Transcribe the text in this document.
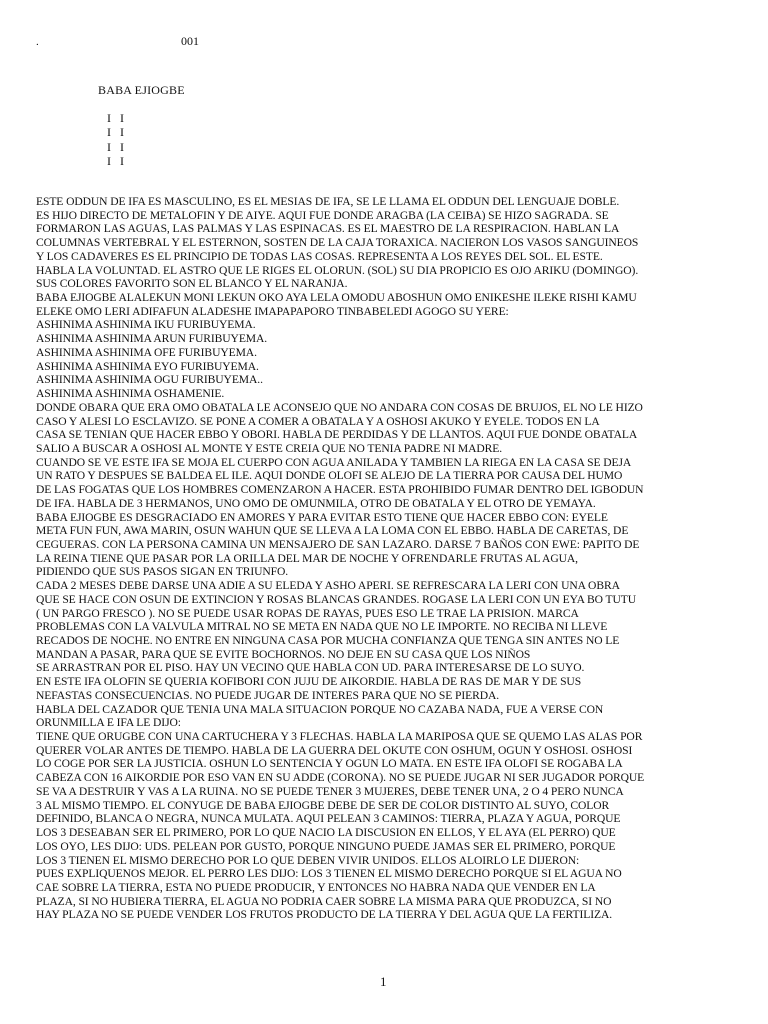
.	001
BABA EJIOGBE
I   I
I   I
I   I
I   I
ESTE ODDUN DE IFA ES MASCULINO, ES EL MESIAS DE IFA, SE LE LLAMA EL ODDUN DEL LENGUAJE DOBLE.
ES HIJO DIRECTO DE METALOFIN Y DE AIYE. AQUI FUE DONDE ARAGBA (LA CEIBA) SE HIZO SAGRADA. SE
FORMARON LAS AGUAS, LAS PALMAS Y LAS ESPINACAS. ES EL MAESTRO DE LA RESPIRACION. HABLAN LA
COLUMNAS VERTEBRAL Y EL ESTERNON, SOSTEN DE LA CAJA TORAXICA. NACIERON LOS VASOS SANGUINEOS
Y LOS CADAVERES ES EL PRINCIPIO DE TODAS LAS COSAS. REPRESENTA A LOS REYES DEL SOL. EL ESTE.
HABLA LA VOLUNTAD. EL ASTRO QUE LE RIGES EL OLORUN. (SOL) SU DIA PROPICIO ES OJO ARIKU (DOMINGO).
SUS COLORES FAVORITO SON EL BLANCO Y EL NARANJA.
BABA EJIOGBE ALALEKUN MONI LEKUN OKO AYA LELA OMODU ABOSHUN OMO ENIKESHE ILEKE RISHI KAMU
ELEKE OMO LERI ADIFAFUN ALADESHE IMAPAPAPORO TINBABELEDI AGOGO SU YERE:
ASHINIMA ASHINIMA IKU FURIBUYEMA.
ASHINIMA ASHINIMA ARUN FURIBUYEMA.
ASHINIMA ASHINIMA OFE FURIBUYEMA.
ASHINIMA ASHINIMA EYO FURIBUYEMA.
ASHINIMA ASHINIMA OGU FURIBUYEMA..
ASHINIMA ASHINIMA OSHAMENIE.
DONDE OBARA QUE ERA OMO OBATALA LE ACONSEJO QUE NO ANDARA CON COSAS DE BRUJOS, EL NO LE HIZO
CASO Y ALESI LO ESCLAVIZO. SE PONE A COMER A OBATALA Y A OSHOSI AKUKO Y EYELE. TODOS EN LA
CASA SE TENIAN QUE HACER EBBO Y OBORI. HABLA DE PERDIDAS Y DE LLANTOS. AQUI FUE DONDE OBATALA
SALIO A BUSCAR A OSHOSI AL MONTE Y ESTE CREIA QUE NO TENIA PADRE NI MADRE.
CUANDO SE VE ESTE IFA SE MOJA EL CUERPO CON AGUA ANILADA Y TAMBIEN LA RIEGA EN LA CASA SE DEJA
UN RATO Y DESPUES SE BALDEA EL ILE. AQUI DONDE OLOFI SE ALEJO DE LA TIERRA POR CAUSA DEL HUMO
DE LAS FOGATAS QUE LOS HOMBRES COMENZARON A HACER. ESTA PROHIBIDO FUMAR DENTRO DEL IGBODUN
DE IFA. HABLA DE 3 HERMANOS, UNO OMO DE OMUNMILA, OTRO DE OBATALA Y EL OTRO DE YEMAYA.
BABA EJIOGBE ES DESGRACIADO EN AMORES Y PARA EVITAR ESTO TIENE QUE HACER EBBO CON: EYELE
META FUN FUN, AWA MARIN, OSUN WAHUN QUE SE LLEVA A LA LOMA CON EL EBBO. HABLA DE CARETAS, DE
CEGUERAS. CON LA PERSONA CAMINA UN MENSAJERO DE SAN LAZARO. DARSE 7 BAÑOS CON EWE: PAPITO DE
LA REINA TIENE QUE PASAR POR LA ORILLA DEL MAR DE NOCHE Y OFRENDARLE FRUTAS AL AGUA,
PIDIENDO QUE SUS PASOS SIGAN EN TRIUNFO.
CADA 2 MESES DEBE DARSE UNA ADIE A SU ELEDA Y ASHO APERI. SE REFRESCARA LA LERI CON UNA OBRA
QUE SE HACE CON OSUN DE EXTINCION Y ROSAS BLANCAS GRANDES. ROGASE LA LERI CON UN EYA BO TUTU
( UN PARGO FRESCO ). NO SE PUEDE USAR ROPAS DE RAYAS, PUES ESO LE TRAE LA PRISION. MARCA
PROBLEMAS CON LA VALVULA MITRAL NO SE META EN NADA QUE NO LE IMPORTE. NO RECIBA NI LLEVE
RECADOS DE NOCHE. NO ENTRE EN NINGUNA CASA POR MUCHA CONFIANZA QUE TENGA SIN ANTES NO LE
MANDAN A PASAR, PARA QUE SE EVITE BOCHORNOS. NO DEJE EN SU CASA QUE LOS NIÑOS
SE ARRASTRAN POR EL PISO. HAY UN VECINO QUE HABLA CON UD. PARA INTERESARSE DE LO SUYO.
EN ESTE IFA OLOFIN SE QUERIA KOFIBORI CON JUJU DE AIKORDIE. HABLA DE RAS DE MAR Y DE SUS
NEFASTAS CONSECUENCIAS. NO PUEDE JUGAR DE INTERES PARA QUE NO SE PIERDA.
HABLA DEL CAZADOR QUE TENIA UNA MALA SITUACION PORQUE NO CAZABA NADA, FUE A VERSE CON
ORUNMILLA E IFA LE DIJO:
TIENE QUE ORUGBE CON UNA CARTUCHERA Y 3 FLECHAS. HABLA LA MARIPOSA QUE SE QUEMO LAS ALAS POR
QUERER VOLAR ANTES DE TIEMPO. HABLA DE LA GUERRA DEL OKUTE CON OSHUM, OGUN Y OSHOSI. OSHOSI
LO COGE POR SER LA JUSTICIA. OSHUN LO SENTENCIA Y OGUN LO MATA. EN ESTE IFA OLOFI SE ROGABA LA
CABEZA CON 16 AIKORDIE POR ESO VAN EN SU ADDE (CORONA). NO SE PUEDE JUGAR NI SER JUGADOR PORQUE
SE VA A DESTRUIR Y VAS A LA RUINA. NO SE PUEDE TENER 3 MUJERES, DEBE TENER UNA, 2 O 4 PERO NUNCA
3 AL MISMO TIEMPO. EL CONYUGE DE BABA EJIOGBE DEBE DE SER DE COLOR DISTINTO AL SUYO, COLOR
DEFINIDO, BLANCA O NEGRA, NUNCA MULATA. AQUI PELEAN 3 CAMINOS: TIERRA, PLAZA Y AGUA, PORQUE
LOS 3 DESEABAN SER EL PRIMERO, POR LO QUE NACIO LA DISCUSION EN ELLOS, Y EL AYA (EL PERRO) QUE
LOS OYO, LES DIJO: UDS. PELEAN POR GUSTO, PORQUE NINGUNO PUEDE JAMAS SER EL PRIMERO, PORQUE
LOS 3 TIENEN EL MISMO DERECHO POR LO QUE DEBEN VIVIR UNIDOS. ELLOS ALOIRLO LE DIJERON:
PUES EXPLIQUENOS MEJOR. EL PERRO LES DIJO: LOS 3 TIENEN EL MISMO DERECHO PORQUE SI EL AGUA NO
CAE SOBRE LA TIERRA, ESTA NO PUEDE PRODUCIR, Y ENTONCES NO HABRA NADA QUE VENDER EN LA
PLAZA, SI NO HUBIERA TIERRA, EL AGUA NO PODRIA CAER SOBRE LA MISMA PARA QUE PRODUZCA, SI NO
HAY PLAZA NO SE PUEDE VENDER LOS FRUTOS PRODUCTO DE LA TIERRA Y DEL AGUA QUE LA FERTILIZA.
1
